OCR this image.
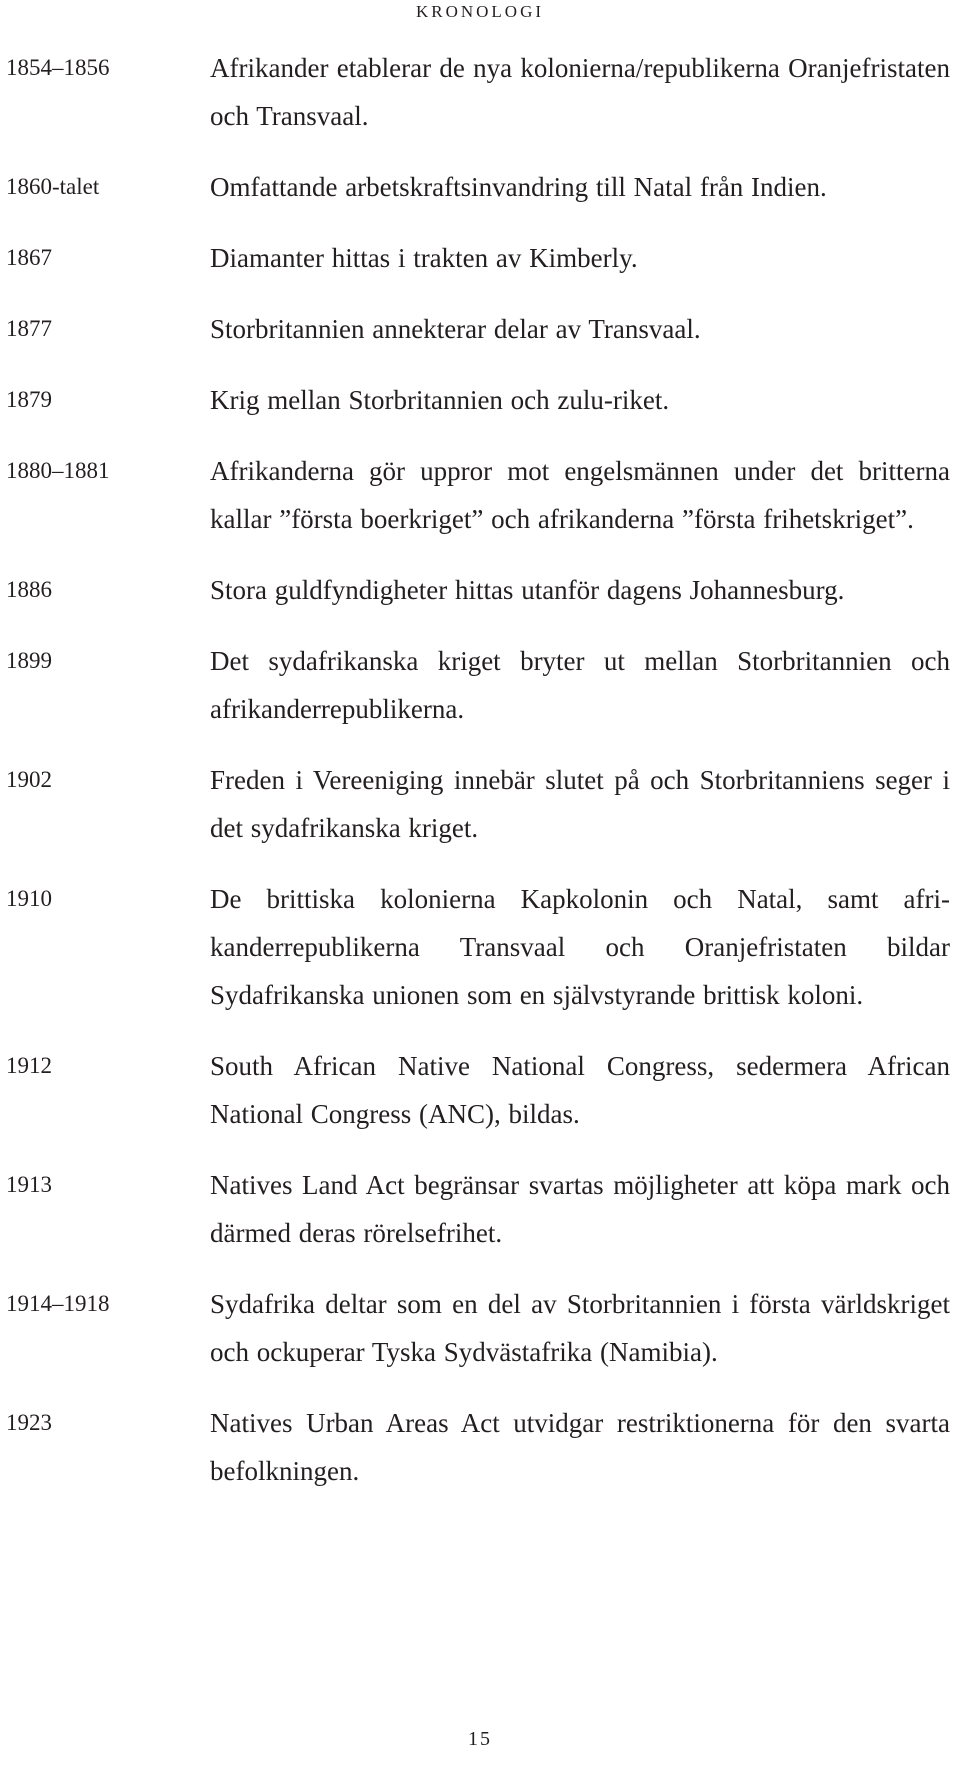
KRONOLOGI
1854–1856	Afrikander etablerar de nya kolonierna/republikerna Oranjefristaten och Transvaal.
1860-talet	Omfattande arbetskraftsinvandring till Natal från Indien.
1867	Diamanter hittas i trakten av Kimberly.
1877	Storbritannien annekterar delar av Transvaal.
1879	Krig mellan Storbritannien och zulu-riket.
1880–1881	Afrikanderna gör uppror mot engelsmännen under det britterna kallar ”första boerkriget” och afrikanderna ”första frihetskriget”.
1886	Stora guldfyndigheter hittas utanför dagens Johannesburg.
1899	Det sydafrikanska kriget bryter ut mellan Storbritannien och afrikanderrepublikerna.
1902	Freden i Vereeniging innebär slutet på och Storbritanniens seger i det sydafrikanska kriget.
1910	De brittiska kolonierna Kapkolonin och Natal, samt afrikanderrepublikerna Transvaal och Oranjefristaten bildar Sydafrikanska unionen som en självstyrande brittisk koloni.
1912	South African Native National Congress, sedermera African National Congress (ANC), bildas.
1913	Natives Land Act begränsar svartas möjligheter att köpa mark och därmed deras rörelsefrihet.
1914–1918	Sydafrika deltar som en del av Storbritannien i första världskriget och ockuperar Tyska Sydvästafrika (Namibia).
1923	Natives Urban Areas Act utvidgar restriktionerna för den svarta befolkningen.
15
